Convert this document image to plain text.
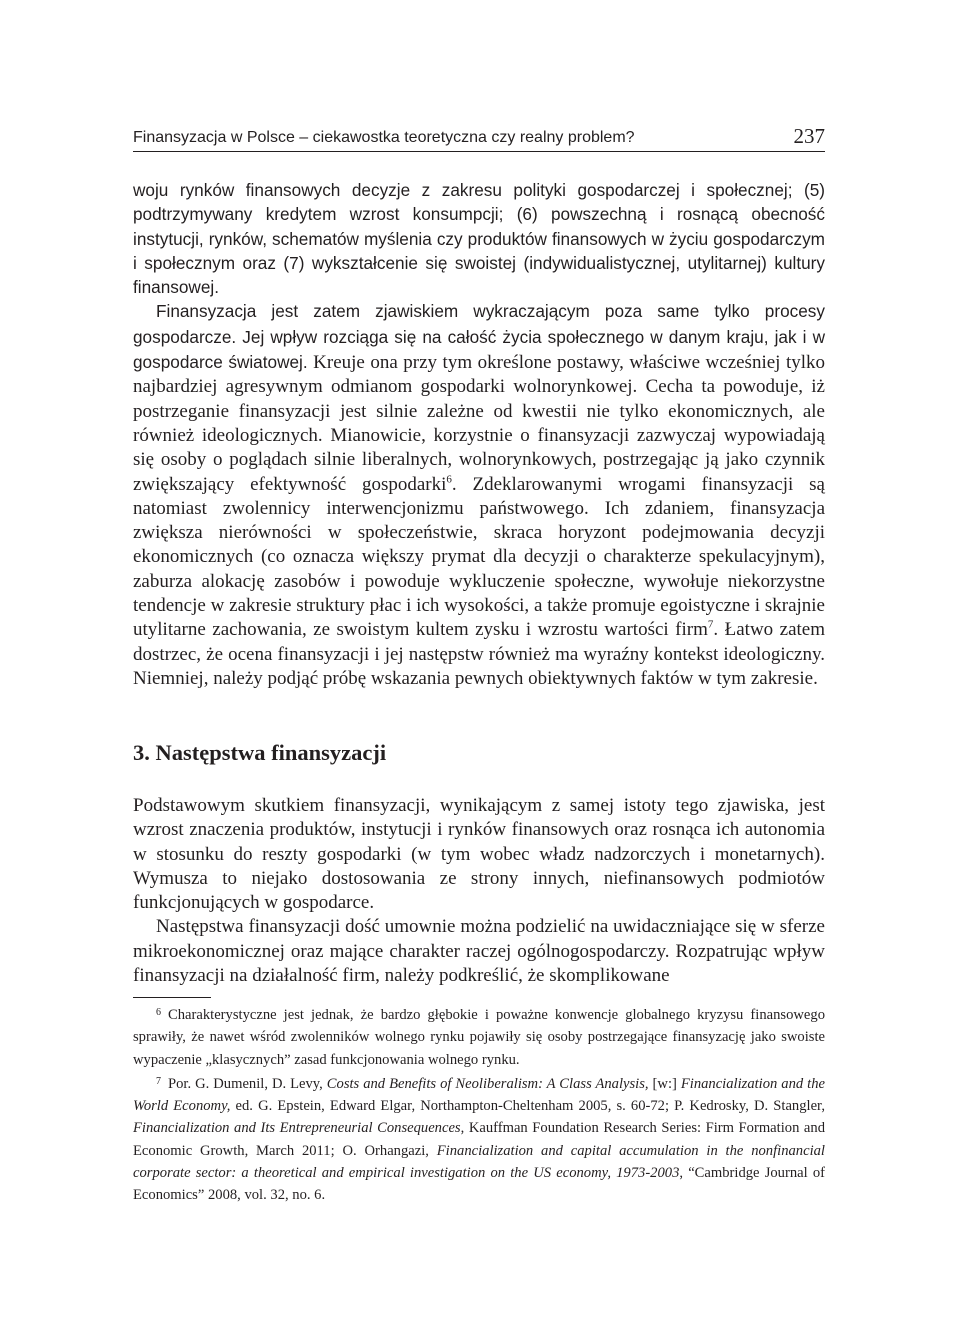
Finansyzacja w Polsce – ciekawostka teoretyczna czy realny problem?	237

woju rynków finansowych decyzje z zakresu polityki gospodarczej i społecznej; (5) podtrzymywany kredytem wzrost konsumpcji; (6) powszechną i rosnącą obecność instytucji, rynków, schematów myślenia czy produktów finansowych w życiu gospodarczym i społecznym oraz (7) wykształcenie się swoistej (indywidualistycznej, utylitarnej) kultury finansowej.

Finansyzacja jest zatem zjawiskiem wykraczającym poza same tylko procesy gospodarcze. Jej wpływ rozciąga się na całość życia społecznego w danym kraju, jak i w gospodarce światowej. Kreuje ona przy tym określone postawy, właściwe wcześniej tylko najbardziej agresywnym odmianom gospodarki wolnorynkowej. Cecha ta powoduje, iż postrzeganie finansyzacji jest silnie zależne od kwestii nie tylko ekonomicznych, ale również ideologicznych. Mianowicie, korzystnie o finansyzacji zazwyczaj wypowiadają się osoby o poglądach silnie liberalnych, wolnorynkowych, postrzegając ją jako czynnik zwiększający efektywność gospodarki$^6$. Zdeklarowanymi wrogami finansyzacji są natomiast zwolennicy interwencjonizmu państwowego. Ich zdaniem, finansyzacja zwiększa nierówności w społeczeństwie, skraca horyzont podejmowania decyzji ekonomicznych (co oznacza większy prymat dla decyzji o charakterze spekulacyjnym), zaburza alokację zasobów i powoduje wykluczenie społeczne, wywołuje niekorzystne tendencje w zakresie struktury płac i ich wysokości, a także promuje egoistyczne i skrajnie utylitarne zachowania, ze swoistym kultem zysku i wzrostu wartości firm$^7$. Łatwo zatem dostrzec, że ocena finansyzacji i jej następstw również ma wyraźny kontekst ideologiczny. Niemniej, należy podjąć próbę wskazania pewnych obiektywnych faktów w tym zakresie.

3. Następstwa finansyzacji

Podstawowym skutkiem finansyzacji, wynikającym z samej istoty tego zjawiska, jest wzrost znaczenia produktów, instytucji i rynków finansowych oraz rosnąca ich autonomia w stosunku do reszty gospodarki (w tym wobec władz nadzorczych i monetarnych). Wymusza to niejako dostosowania ze strony innych, niefinansowych podmiotów funkcjonujących w gospodarce.

Następstwa finansyzacji dość umownie można podzielić na uwidaczniające się w sferze mikroekonomicznej oraz mające charakter raczej ogólnogospodarczy. Rozpatrując wpływ finansyzacji na działalność firm, należy podkreślić, że skomplikowane

$^6$ Charakterystyczne jest jednak, że bardzo głębokie i poważne konwencje globalnego kryzysu finansowego sprawiły, że nawet wśród zwolenników wolnego rynku pojawiły się osoby postrzegające finansyzację jako swoiste wypaczenie „klasycznych” zasad funkcjonowania wolnego rynku.

$^7$ Por. G. Dumenil, D. Levy, Costs and Benefits of Neoliberalism: A Class Analysis, [w:] Financialization and the World Economy, ed. G. Epstein, Edward Elgar, Northampton-Cheltenham 2005, s. 60-72; P. Kedrosky, D. Stangler, Financialization and Its Entrepreneurial Consequences, Kauffman Foundation Research Series: Firm Formation and Economic Growth, March 2011; O. Orhangazi, Financialization and capital accumulation in the nonfinancial corporate sector: a theoretical and empirical investigation on the US economy, 1973-2003, “Cambridge Journal of Economics” 2008, vol. 32, no. 6.
